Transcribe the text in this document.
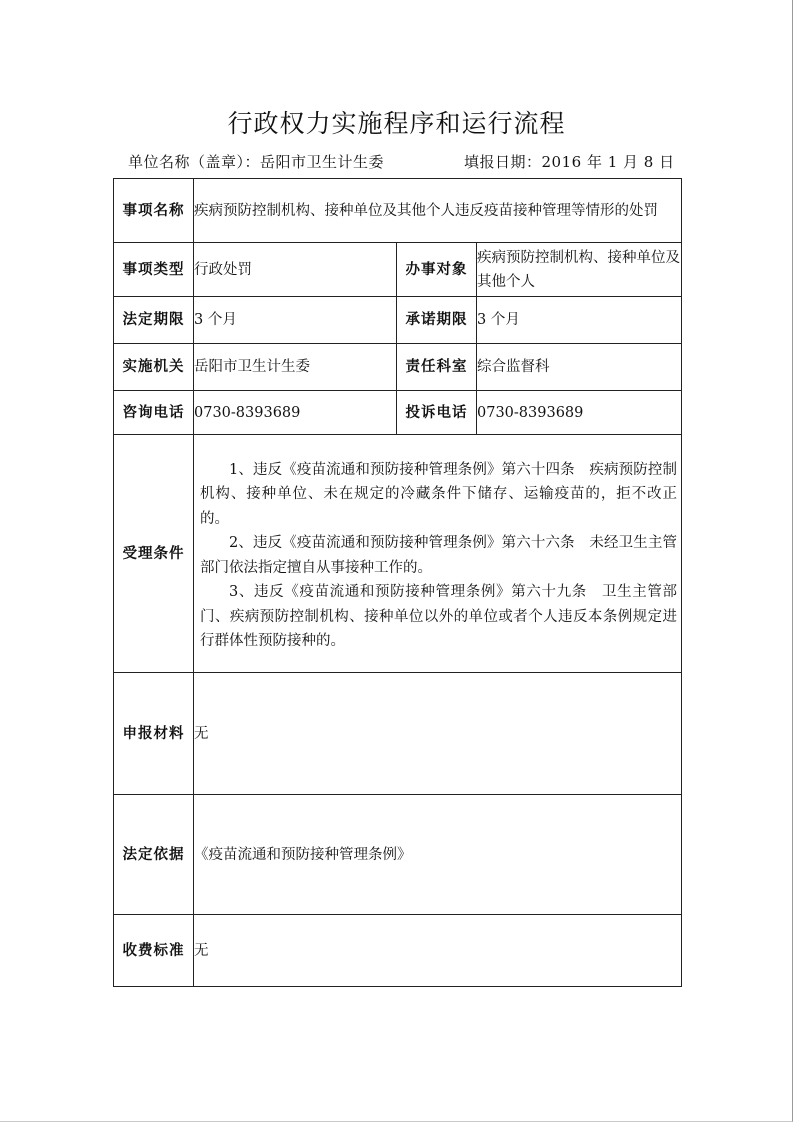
行政权力实施程序和运行流程
单位名称（盖章）：岳阳市卫生计生委	填报日期：2016 年 1 月 8 日
事项名称	疾病预防控制机构、接种单位及其他个人违反疫苗接种管理等情形的处罚		
事项类型	行政处罚	办事对象	疾病预防控制机构、接种单位及其他个人
法定期限	3 个月	承诺期限	3 个月
实施机关	岳阳市卫生计生委	责任科室	综合监督科
咨询电话	0730-8393689	投诉电话	0730-8393689
受理条件	1、违反《疫苗流通和预防接种管理条例》第六十四条　疾病预防控制机构、接种单位、未在规定的冷藏条件下储存、运输疫苗的，拒不改正的。

2、违反《疫苗流通和预防接种管理条例》第六十六条　未经卫生主管部门依法指定擅自从事接种工作的。

3、违反《疫苗流通和预防接种管理条例》第六十九条　卫生主管部门、疾病预防控制机构、接种单位以外的单位或者个人违反本条例规定进行群体性预防接种的。		

申报材料	无		
法定依据	《疫苗流通和预防接种管理条例》		
收费标准	无		
